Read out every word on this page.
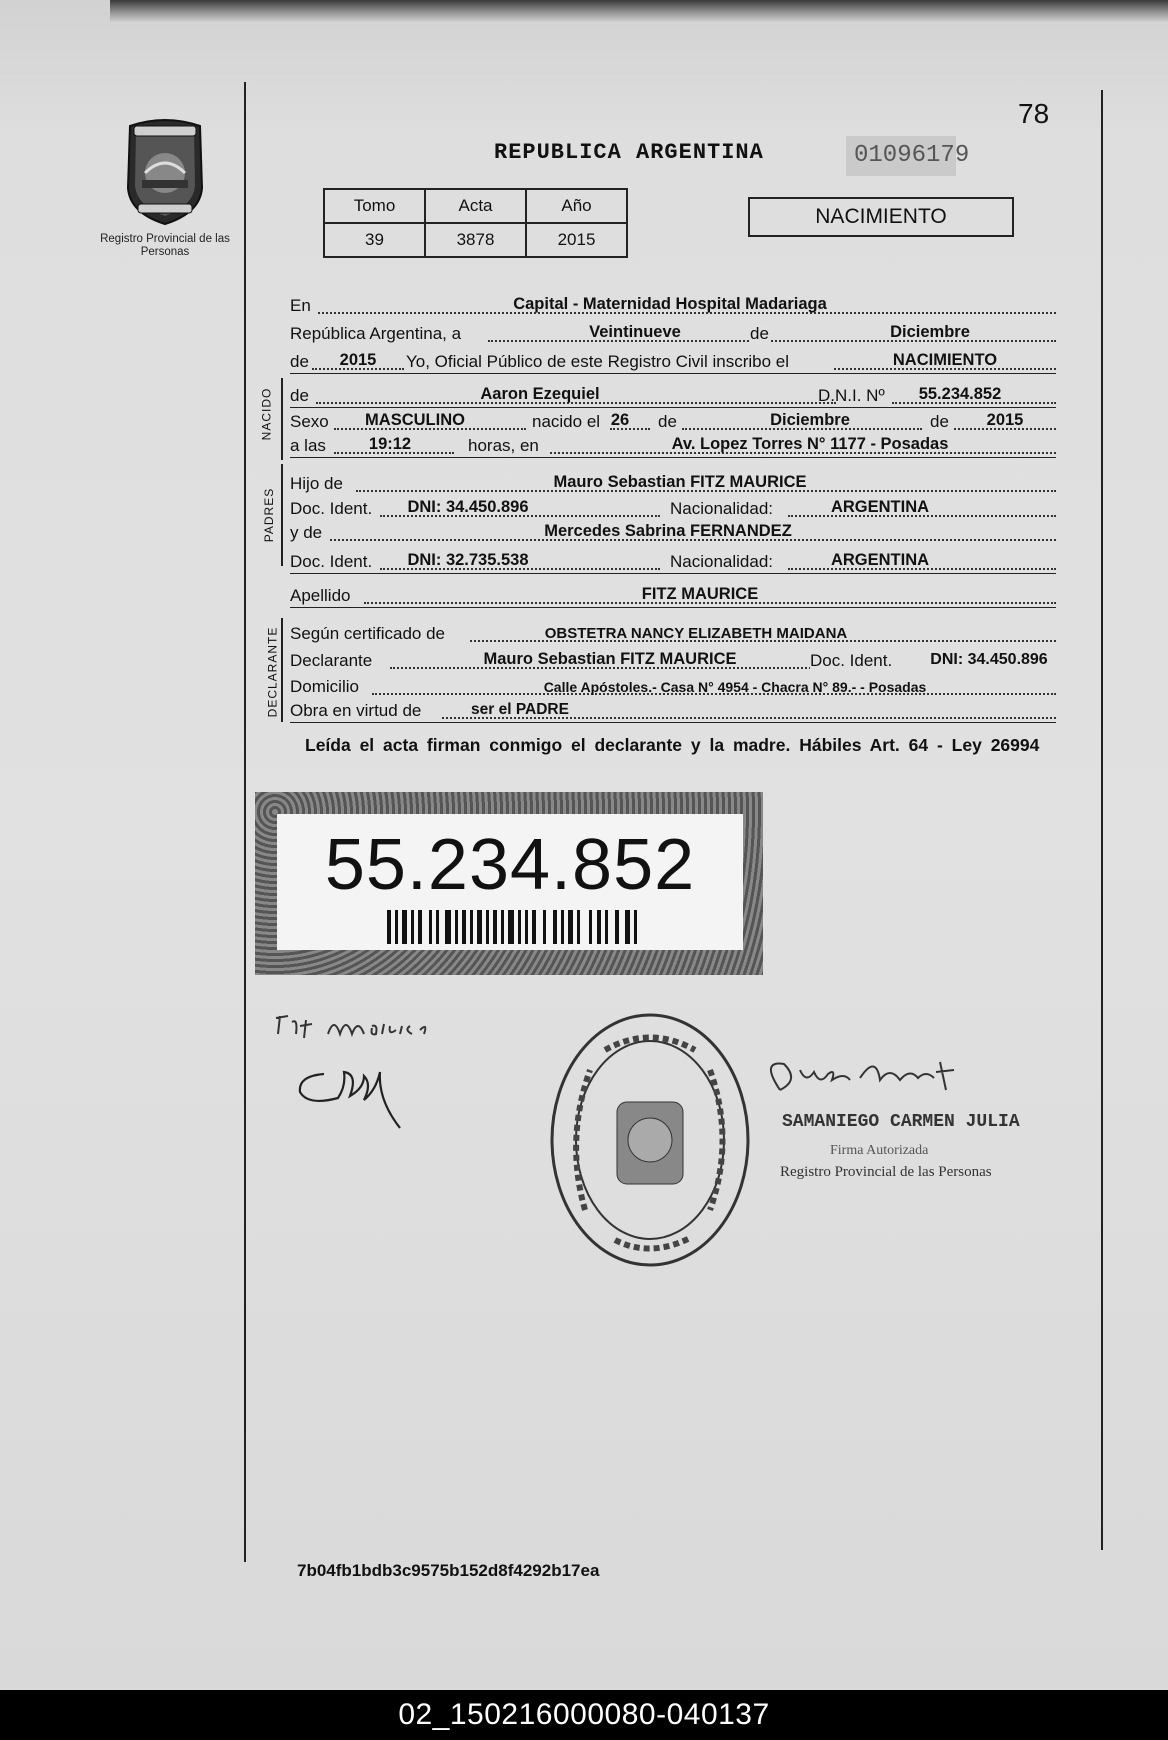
Registro Provincial de las Personas
78
REPUBLICA ARGENTINA	01096179
Tomo	Acta	Año
39	3878	2015
NACIMIENTO
En	Capital - Maternidad Hospital Madariaga
República Argentina, a	Veintinueve	de	Diciembre
de	2015	Yo, Oficial Público de este Registro Civil inscribo el	NACIMIENTO
NACIDO de	Aaron Ezequiel	D.N.I. Nº	55.234.852
Sexo	MASCULINO	nacido el 26	de	Diciembre	de	2015
a las	19:12	horas, en	Av. Lopez Torres N° 1177 - Posadas
PADRES
Hijo de	Mauro Sebastian FITZ MAURICE
Doc. Ident.	DNI: 34.450.896	Nacionalidad:	ARGENTINA
y de	Mercedes Sabrina FERNANDEZ
Doc. Ident.	DNI: 32.735.538	Nacionalidad:	ARGENTINA
Apellido	FITZ MAURICE
DECLARANTE Según certificado de	OBSTETRA NANCY ELIZABETH MAIDANA
Declarante	Mauro Sebastian FITZ MAURICE	Doc. Ident.	DNI: 34.450.896
Domicilio	Calle Apóstoles.- Casa N° 4954 - Chacra N° 89.- - Posadas
Obra en virtud de	ser el PADRE
Leída el acta firman conmigo el declarante y la madre. Hábiles Art. 64 - Ley 26994
55.234.852
SAMANIEGO CARMEN JULIA
Firma Autorizada
Registro Provincial de las Personas
7b04fb1bdb3c9575b152d8f4292b17ea
02_150216000080-040137
